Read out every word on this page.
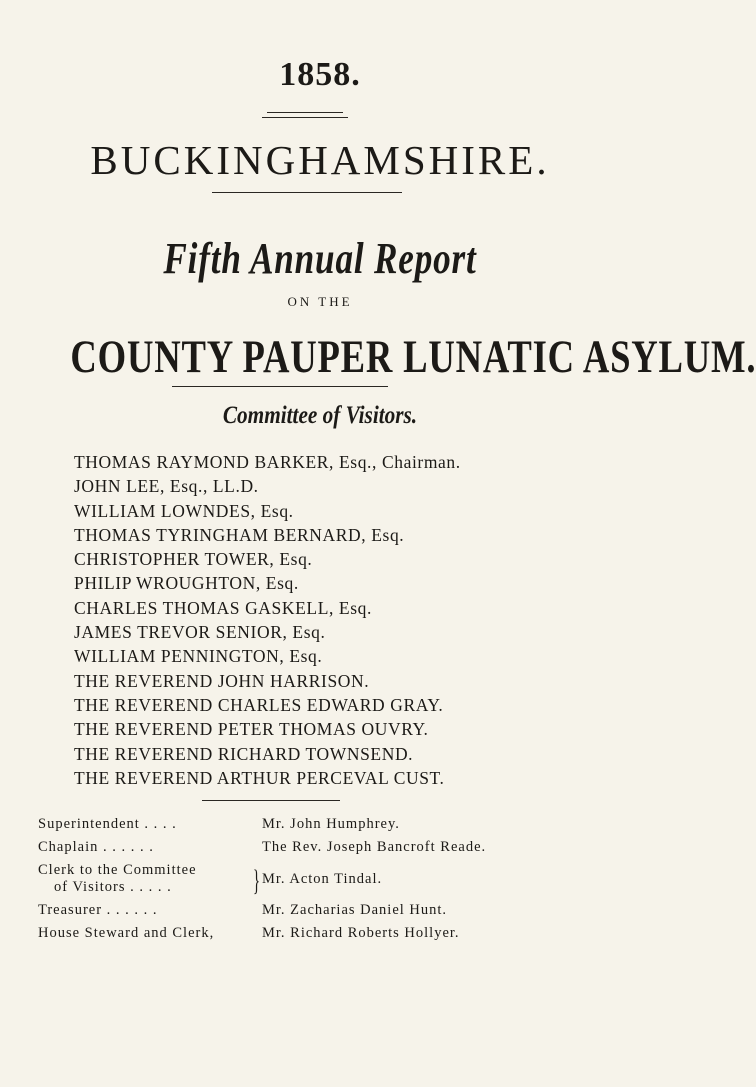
1858.
BUCKINGHAMSHIRE.
Fifth Annual Report
ON THE
COUNTY PAUPER LUNATIC ASYLUM.
Committee of Visitors.
THOMAS RAYMOND BARKER, Esq., Chairman.
JOHN LEE, Esq., LL.D.
WILLIAM LOWNDES, Esq.
THOMAS TYRINGHAM BERNARD, Esq.
CHRISTOPHER TOWER, Esq.
PHILIP WROUGHTON, Esq.
CHARLES THOMAS GASKELL, Esq.
JAMES TREVOR SENIOR, Esq.
WILLIAM PENNINGTON, Esq.
THE REVEREND JOHN HARRISON.
THE REVEREND CHARLES EDWARD GRAY.
THE REVEREND PETER THOMAS OUVRY.
THE REVEREND RICHARD TOWNSEND.
THE REVEREND ARTHUR PERCEVAL CUST.
Superintendent . . . .	Mr. John Humphrey.
Chaplain . . . . . .	The Rev. Joseph Bancroft Reade.
Clerk to the Committee
of Visitors . . . . .	} Mr. Acton Tindal.
Treasurer . . . . . .	Mr. Zacharias Daniel Hunt.
House Steward and Clerk,	Mr. Richard Roberts Hollyer.
